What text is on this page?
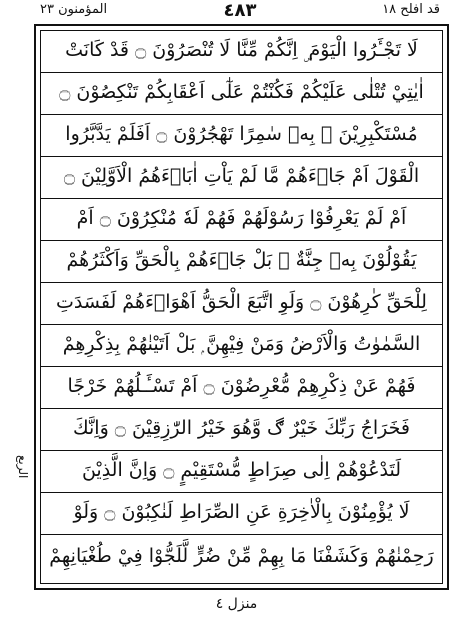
المؤمنون ٢٣	٤٨٣	قد افلح ١٨
لَا تَجْـَٔرُوا الْيَوْمَ ۣ اِنَّكُمْ مِّنَّا لَا تُنْصَرُوْنَ ۝ قَدْ كَانَتْ
اٰيٰتِيْ تُتْلٰى عَلَيْكُمْ فَكُنْتُمْ عَلٰٓى اَعْقَابِكُمْ تَنْكِصُوْنَ ۝
مُسْتَكْبِرِيْنَ ۖ بِهٖ سٰمِرًا تَهْجُرُوْنَ ۝ اَفَلَمْ يَدَّبَّرُوا
الْقَوْلَ اَمْ جَاۗءَهُمْ مَّا لَمْ يَاْتِ اٰبَاۗءَهُمُ الْاَوَّلِيْنَ ۝
اَمْ لَمْ يَعْرِفُوْا رَسُوْلَهُمْ فَهُمْ لَهٗ مُنْكِرُوْنَ ۝ اَمْ
يَقُوْلُوْنَ بِهٖ جِنَّةٌ ۭ بَلْ جَاۗءَهُمْ بِالْحَقِّ وَاَكْثَرُهُمْ
لِلْحَقِّ كٰرِهُوْنَ ۝ وَلَوِ اتَّبَعَ الْحَقُّ اَهْوَاۗءَهُمْ لَفَسَدَتِ
السَّمٰوٰتُ وَالْاَرْضُ وَمَنْ فِيْهِنَّ ۭ بَلْ اَتَيْنٰهُمْ بِذِكْرِهِمْ
فَهُمْ عَنْ ذِكْرِهِمْ مُّعْرِضُوْنَ ۝ اَمْ تَسْـَٔـلُهُمْ خَرْجًا
فَخَرَاجُ رَبِّكَ خَيْرٌ ڰ وَّهُوَ خَيْرُ الرّٰزِقِيْنَ ۝ وَاِنَّكَ
لَتَدْعُوْهُمْ اِلٰى صِرَاطٍ مُّسْتَقِيْمٍ ۝ وَاِنَّ الَّذِيْنَ
لَا يُؤْمِنُوْنَ بِالْاٰخِرَةِ عَنِ الصِّرَاطِ لَنٰكِبُوْنَ ۝ وَلَوْ
رَحِمْنٰهُمْ وَكَشَفْنَا مَا بِهِمْ مِّنْ ضُرٍّ لَّلَجُّوْا فِيْ طُغْيَانِهِمْ
الربع
منزل ٤
